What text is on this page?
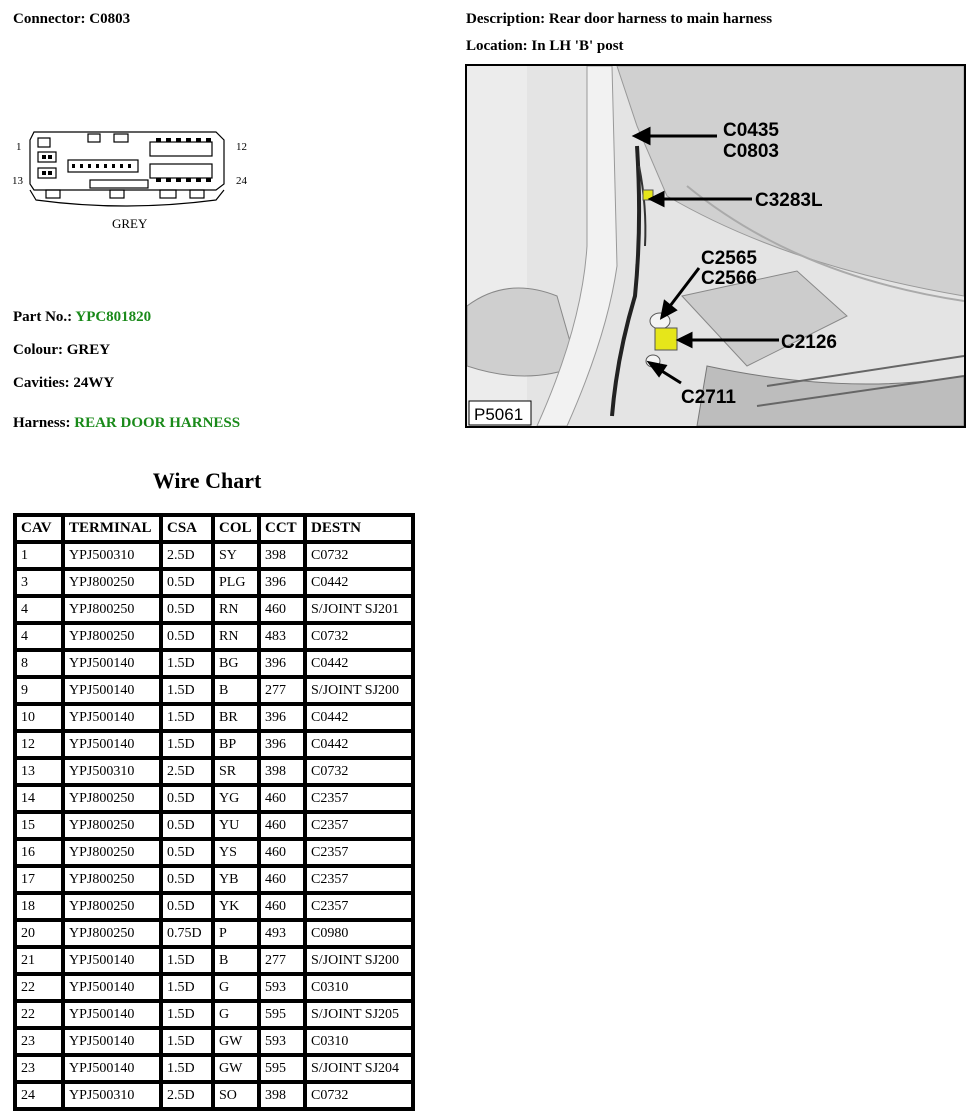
Connector: C0803	Description: Rear door harness to main harness
Location: In LH 'B' post
1	12
13	24
GREY
C0435
C0803
C3283L
C2565
C2566
C2126
C2711
P5061
Part No.: YPC801820
Colour: GREY
Cavities: 24WY
Harness: REAR DOOR HARNESS
Wire Chart
CAV	TERMINAL	CSA	COL	CCT	DESTN
1	YPJ500310	2.5D	SY	398	C0732
3	YPJ800250	0.5D	PLG	396	C0442
4	YPJ800250	0.5D	RN	460	S/JOINT SJ201
4	YPJ800250	0.5D	RN	483	C0732
8	YPJ500140	1.5D	BG	396	C0442
9	YPJ500140	1.5D	B	277	S/JOINT SJ200
10	YPJ500140	1.5D	BR	396	C0442
12	YPJ500140	1.5D	BP	396	C0442
13	YPJ500310	2.5D	SR	398	C0732
14	YPJ800250	0.5D	YG	460	C2357
15	YPJ800250	0.5D	YU	460	C2357
16	YPJ800250	0.5D	YS	460	C2357
17	YPJ800250	0.5D	YB	460	C2357
18	YPJ800250	0.5D	YK	460	C2357
20	YPJ800250	0.75D	P	493	C0980
21	YPJ500140	1.5D	B	277	S/JOINT SJ200
22	YPJ500140	1.5D	G	593	C0310
22	YPJ500140	1.5D	G	595	S/JOINT SJ205
23	YPJ500140	1.5D	GW	593	C0310
23	YPJ500140	1.5D	GW	595	S/JOINT SJ204
24	YPJ500310	2.5D	SO	398	C0732
